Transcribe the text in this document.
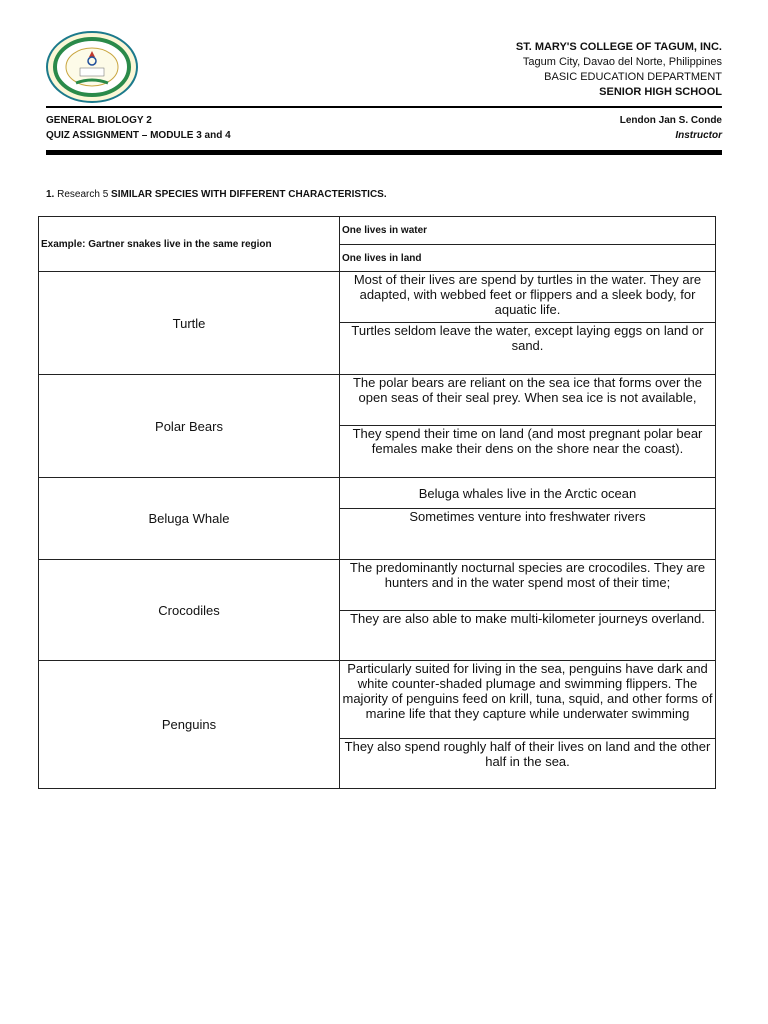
ST. MARY'S COLLEGE OF TAGUM, INC.
Tagum City, Davao del Norte, Philippines
BASIC EDUCATION DEPARTMENT
SENIOR HIGH SCHOOL
GENERAL BIOLOGY 2
QUIZ ASSIGNMENT – MODULE 3 and 4
Lendon Jan S. Conde
Instructor
1. Research 5 SIMILAR SPECIES WITH DIFFERENT CHARACTERISTICS.
Example: Gartner snakes live in the same region	One lives in water
	One lives in land
Turtle	Most of their lives are spend by turtles in the water. They are adapted, with webbed feet or flippers and a sleek body, for aquatic life.
	Turtles seldom leave the water, except laying eggs on land or sand.
Polar Bears	The polar bears are reliant on the sea ice that forms over the open seas of their seal prey. When sea ice is not available,
	They spend their time on land (and most pregnant polar bear females make their dens on the shore near the coast).
Beluga Whale	Beluga whales live in the Arctic ocean
	Sometimes venture into freshwater rivers
Crocodiles	The predominantly nocturnal species are crocodiles. They are hunters and in the water spend most of their time;
	They are also able to make multi-kilometer journeys overland.
Penguins	Particularly suited for living in the sea, penguins have dark and white counter-shaded plumage and swimming flippers. The majority of penguins feed on krill, tuna, squid, and other forms of marine life that they capture while underwater swimming
	They also spend roughly half of their lives on land and the other half in the sea.
